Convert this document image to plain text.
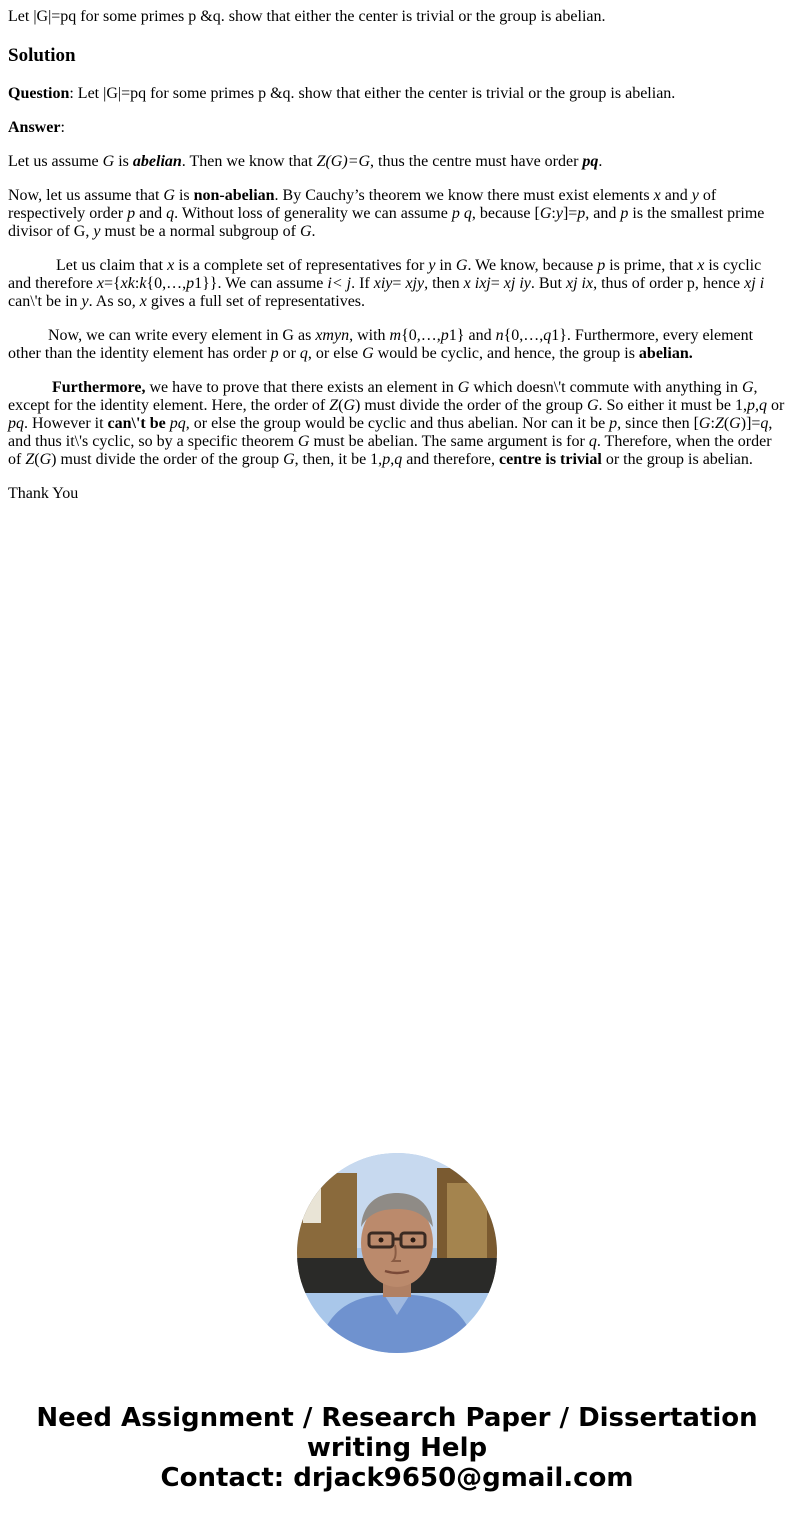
Let |G|=pq for some primes p &q. show that either the center is trivial or the group is abelian.

Solution

Question: Let |G|=pq for some primes p &q. show that either the center is trivial or the group is abelian.

Answer:

Let us assume G is abelian. Then we know that Z(G)=G, thus the centre must have order pq.

Now, let us assume that G is non-abelian. By Cauchy’s theorem we know there must exist elements x and y of respectively order p and q. Without loss of generality we can assume p q, because [G:y]=p, and p is the smallest prime divisor of G, y must be a normal subgroup of G.

Let us claim that x is a complete set of representatives for y in G. We know, because p is prime, that x is cyclic and therefore x={xk:k{0,…,p1}}. We can assume i< j. If xiy= xjy, then x ixj= xj iy. But xj ix, thus of order p, hence xj i can\'t be in y. As so, x gives a full set of representatives.

Now, we can write every element in G as xmyn, with m{0,…,p1} and n{0,…,q1}. Furthermore, every element other than the identity element has order p or q, or else G would be cyclic, and hence, the group is abelian.

Furthermore, we have to prove that there exists an element in G which doesn\'t commute with anything in G, except for the identity element. Here, the order of Z(G) must divide the order of the group G. So either it must be 1,p,q or pq. However it can\'t be pq, or else the group would be cyclic and thus abelian. Nor can it be p, since then [G:Z(G)]=q, and thus it\'s cyclic, so by a specific theorem G must be abelian. The same argument is for q. Therefore, when the order of Z(G) must divide the order of the group G, then, it be 1,p,q and therefore, centre is trivial or the group is abelian.

Thank You

Need Assignment / Research Paper / Dissertation
writing Help
Contact: drjack9650@gmail.com
